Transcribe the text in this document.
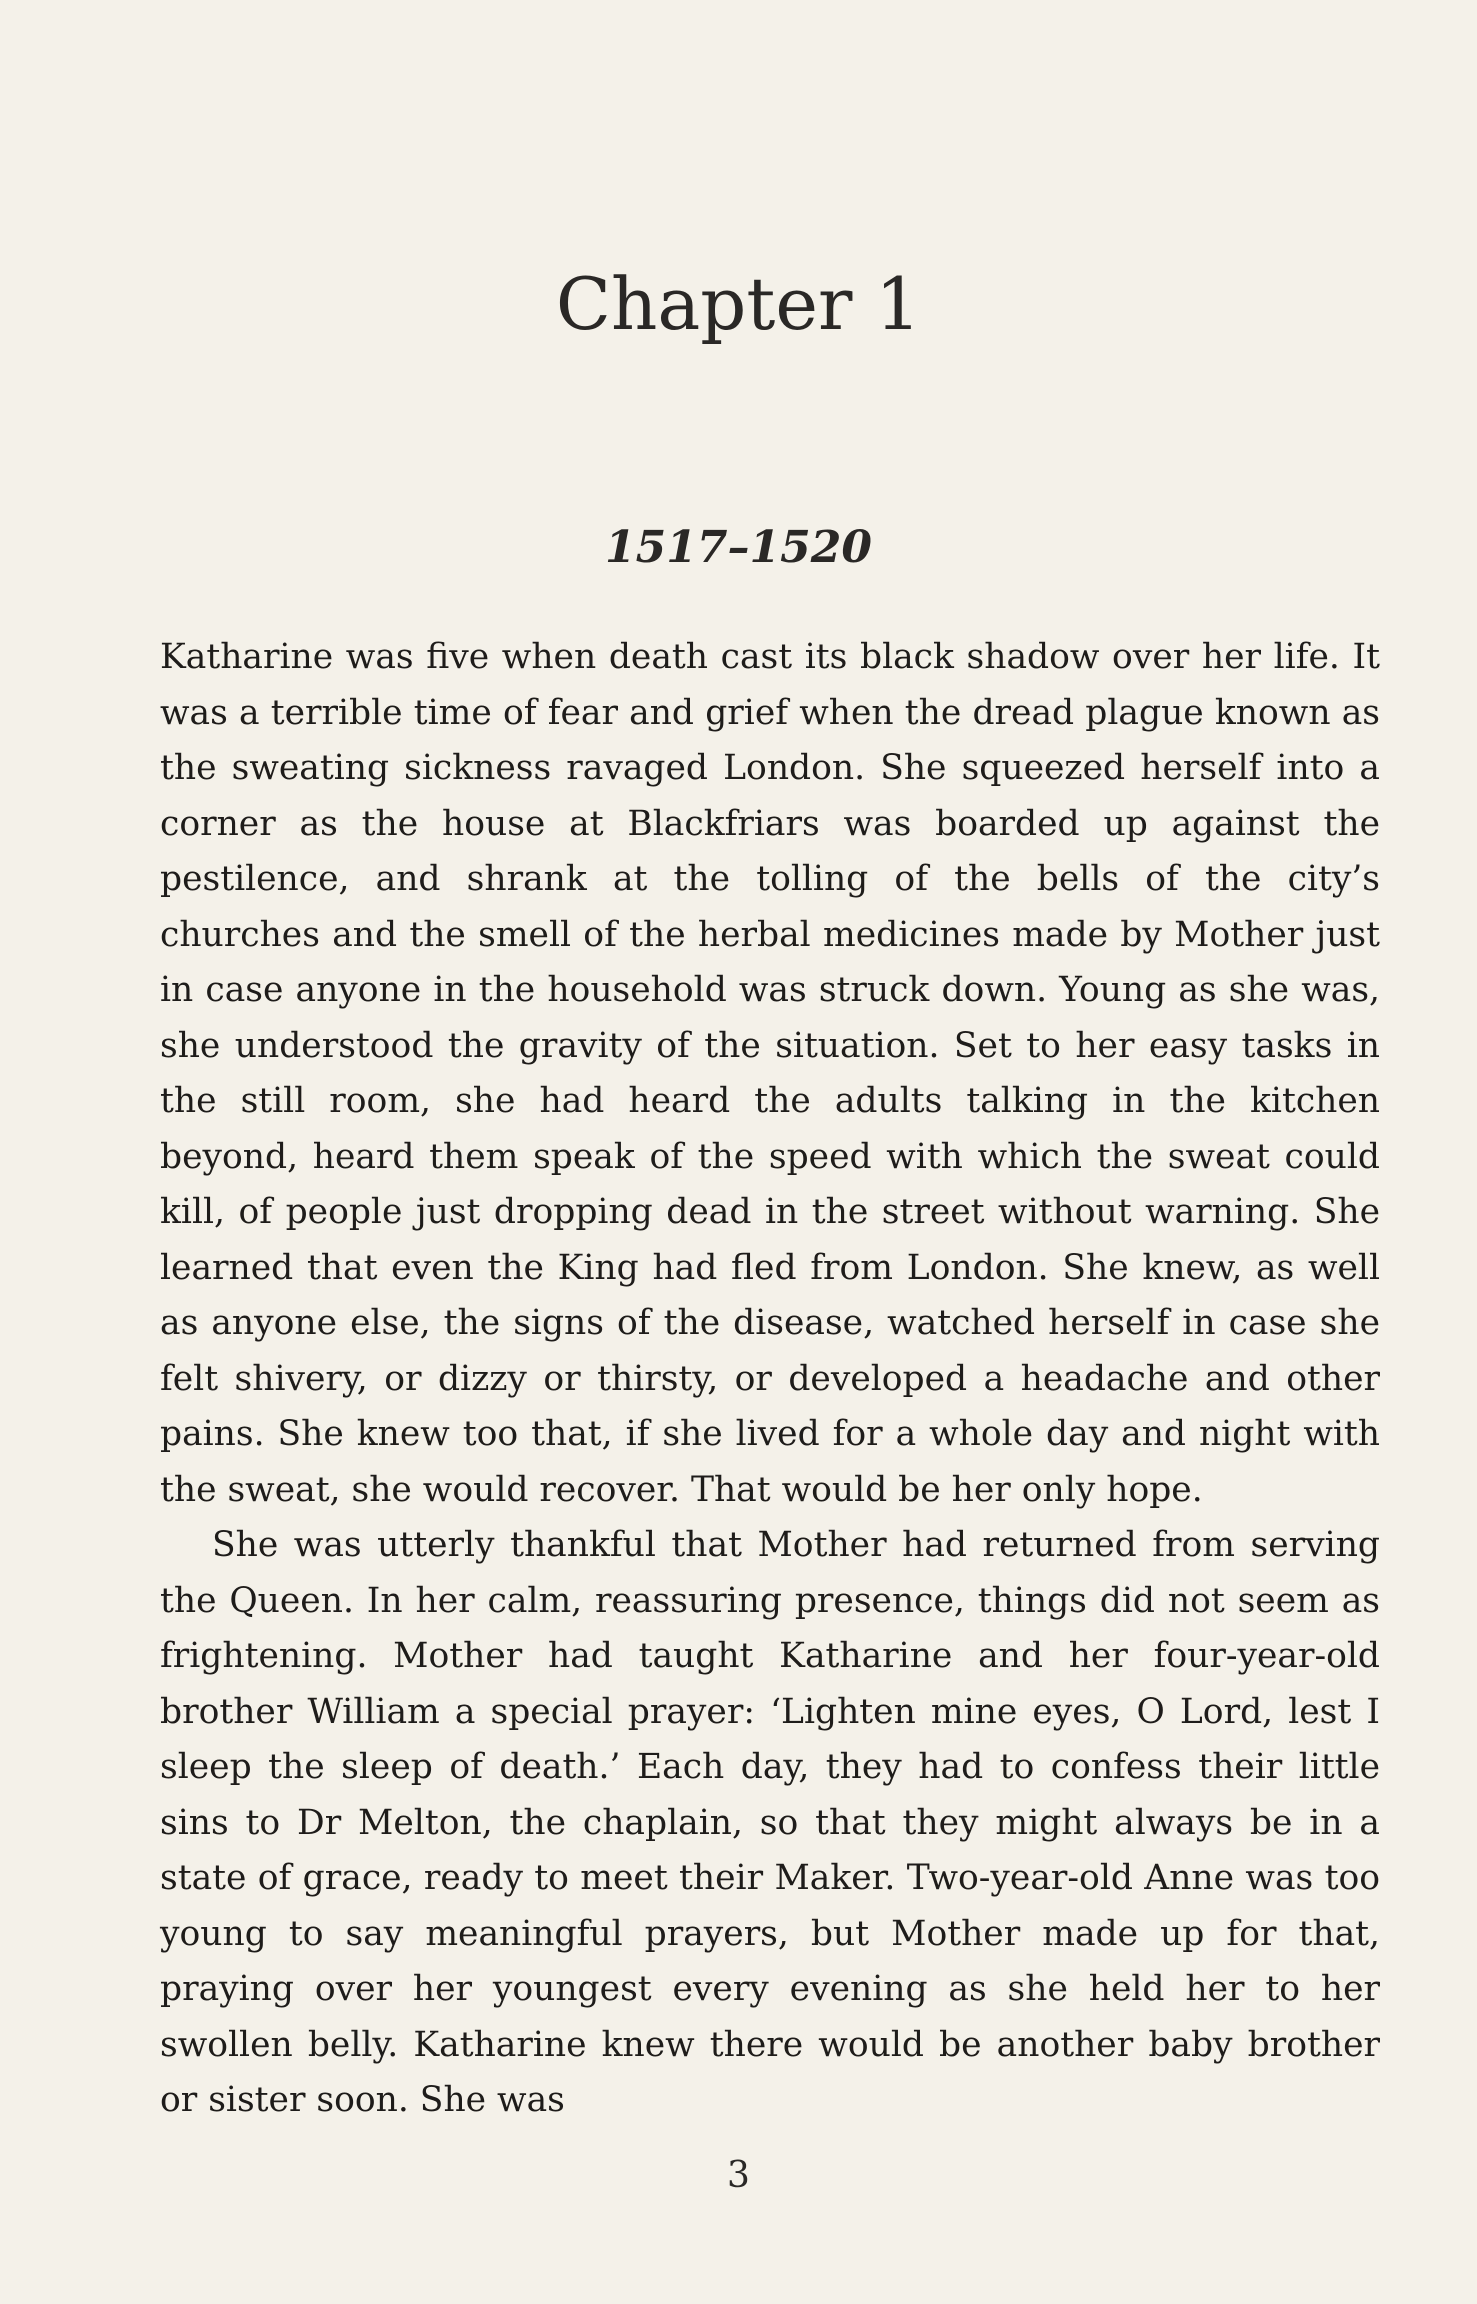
Chapter 1
1517–1520

Katharine was five when death cast its black shadow over her life. It was a terrible time of fear and grief when the dread plague known as the sweating sickness ravaged London. She squeezed herself into a corner as the house at Blackfriars was boarded up against the pestilence, and shrank at the tolling of the bells of the city’s churches and the smell of the herbal medicines made by Mother just in case anyone in the household was struck down. Young as she was, she understood the gravity of the situation. Set to her easy tasks in the still room, she had heard the adults talking in the kitchen beyond, heard them speak of the speed with which the sweat could kill, of people just dropping dead in the street without warning. She learned that even the King had fled from London. She knew, as well as anyone else, the signs of the disease, watched herself in case she felt shivery, or dizzy or thirsty, or developed a headache and other pains. She knew too that, if she lived for a whole day and night with the sweat, she would recover. That would be her only hope.

She was utterly thankful that Mother had returned from serving the Queen. In her calm, reassuring presence, things did not seem as frightening. Mother had taught Katharine and her four-year-old brother William a special prayer: ‘Lighten mine eyes, O Lord, lest I sleep the sleep of death.’ Each day, they had to confess their little sins to Dr Melton, the chaplain, so that they might always be in a state of grace, ready to meet their Maker. Two-year-old Anne was too young to say meaningful prayers, but Mother made up for that, praying over her youngest every evening as she held her to her swollen belly. Katharine knew there would be another baby brother or sister soon. She was

3
